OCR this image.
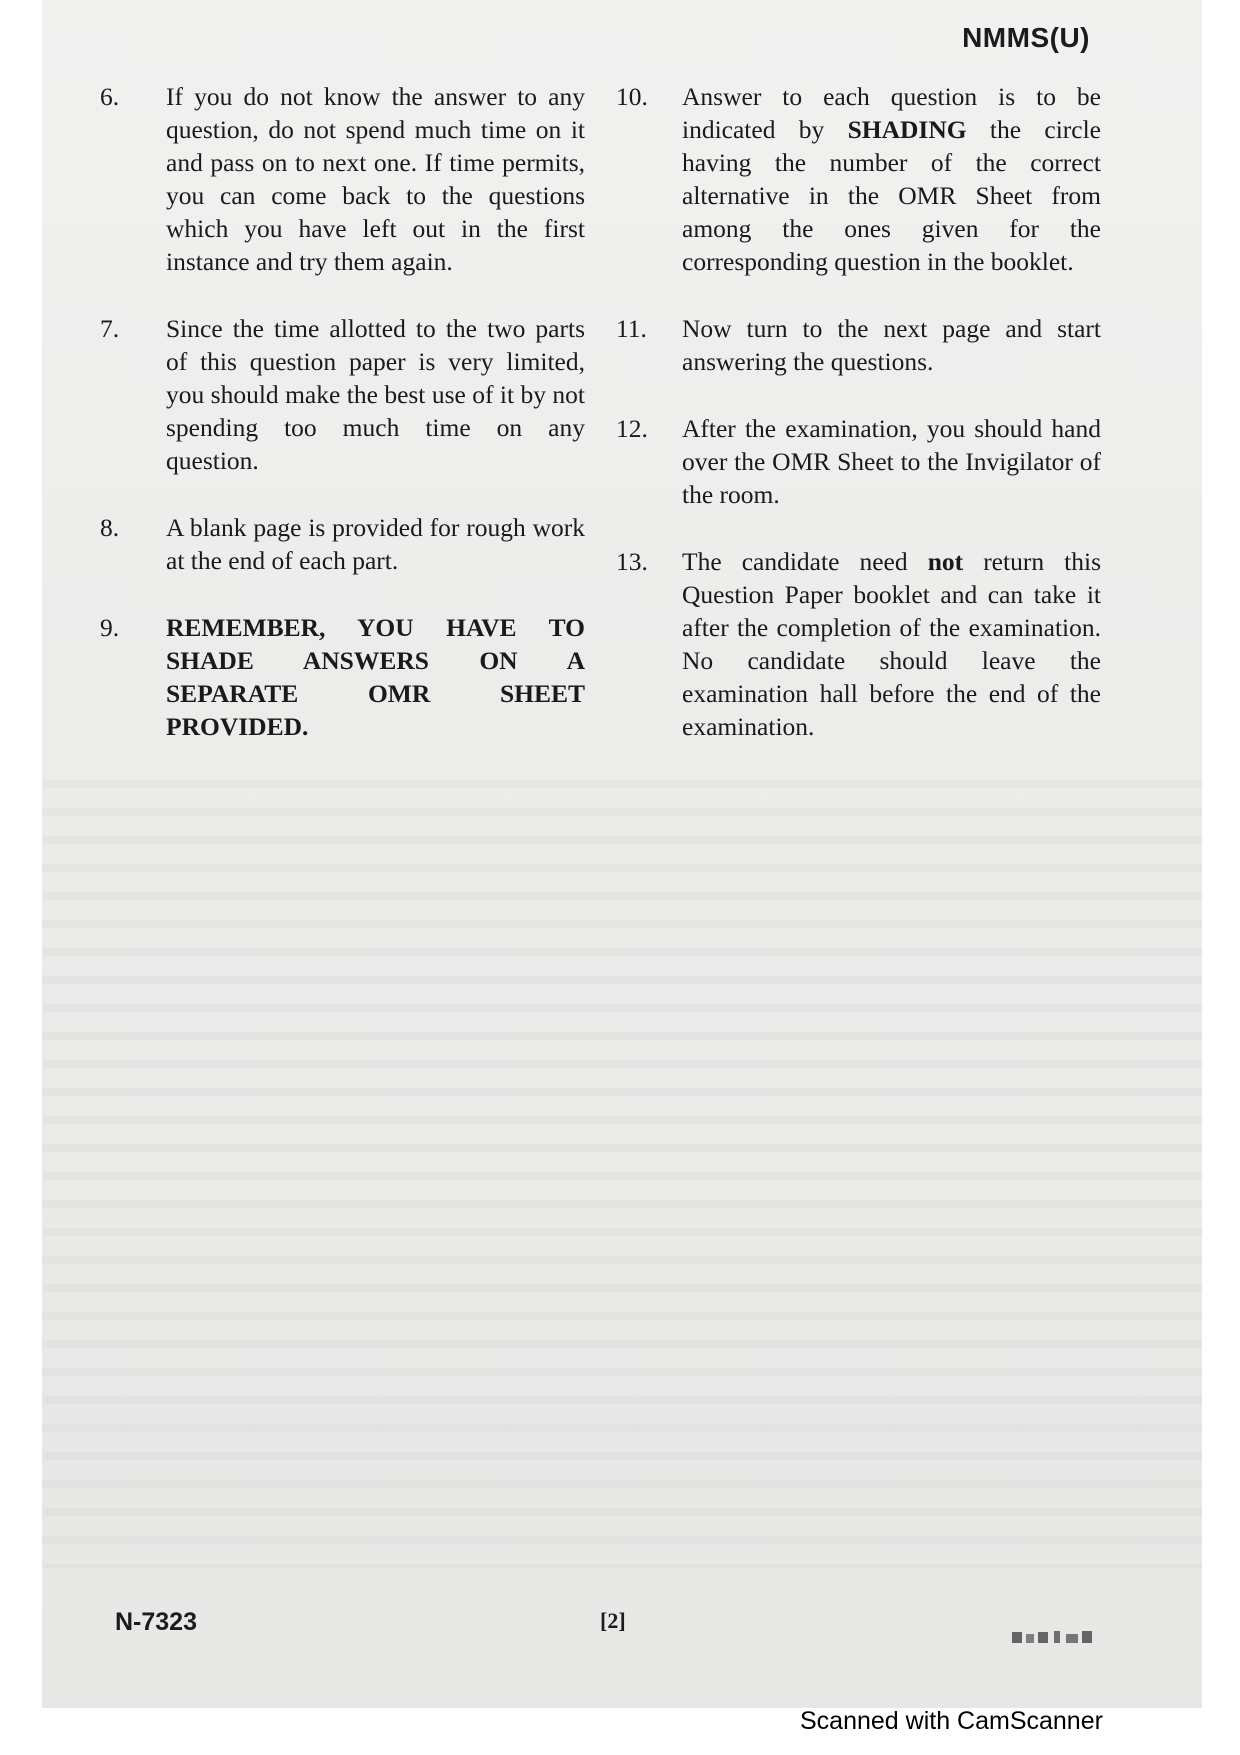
NMMS(U)
6. If you do not know the answer to any question, do not spend much time on it and pass on to next one. If time permits, you can come back to the questions which you have left out in the first instance and try them again.
7. Since the time allotted to the two parts of this question paper is very limited, you should make the best use of it by not spending too much time on any question.
8. A blank page is provided for rough work at the end of each part.
9. REMEMBER, YOU HAVE TO SHADE ANSWERS ON A SEPARATE OMR SHEET PROVIDED.
10. Answer to each question is to be indicated by SHADING the circle having the number of the correct alternative in the OMR Sheet from among the ones given for the corresponding question in the booklet.
11. Now turn to the next page and start answering the questions.
12. After the examination, you should hand over the OMR Sheet to the Invigilator of the room.
13. The candidate need not return this Question Paper booklet and can take it after the completion of the examination. No candidate should leave the examination hall before the end of the examination.
N-7323	[2]
Scanned with CamScanner
